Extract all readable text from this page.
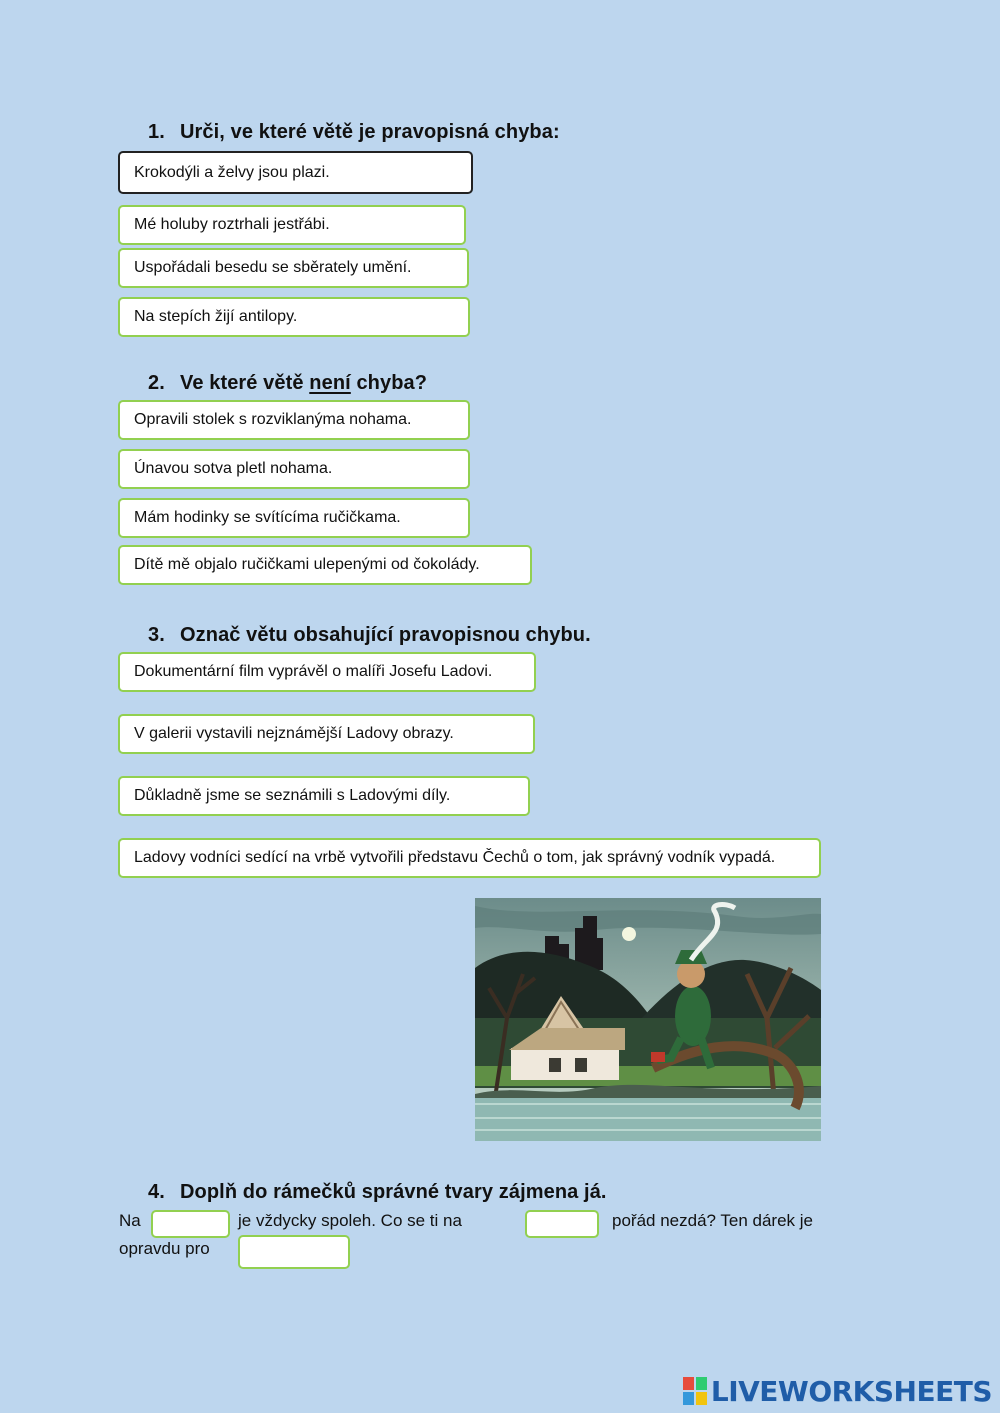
1. Urči, ve které větě je pravopisná chyba:
Krokodýli a želvy jsou plazi.
Mé holuby roztrhali jestřábi.
Uspořádali besedu se sběrately umění.
Na stepích žijí antilopy.
2. Ve které větě není chyba?
Opravili stolek s rozviklanýma nohama.
Únavou sotva pletl nohama.
Mám hodinky se svítícíma ručičkama.
Dítě mě objalo ručičkami ulepenými od čokolády.
3. Označ větu obsahující pravopisnou chybu.
Dokumentární film vyprávěl o malíři Josefu Ladovi.
V galerii vystavili nejznámější Ladovy obrazy.
Důkladně jsme se seznámili s Ladovými díly.
Ladovy vodníci sedící na vrbě vytvořili představu Čechů o tom, jak správný vodník vypadá.
4. Doplň do rámečků správné tvary zájmena já.
Na	je vždycky spoleh. Co se ti na	pořád nezdá? Ten dárek je
opravdu pro
LIVEWORKSHEETS
